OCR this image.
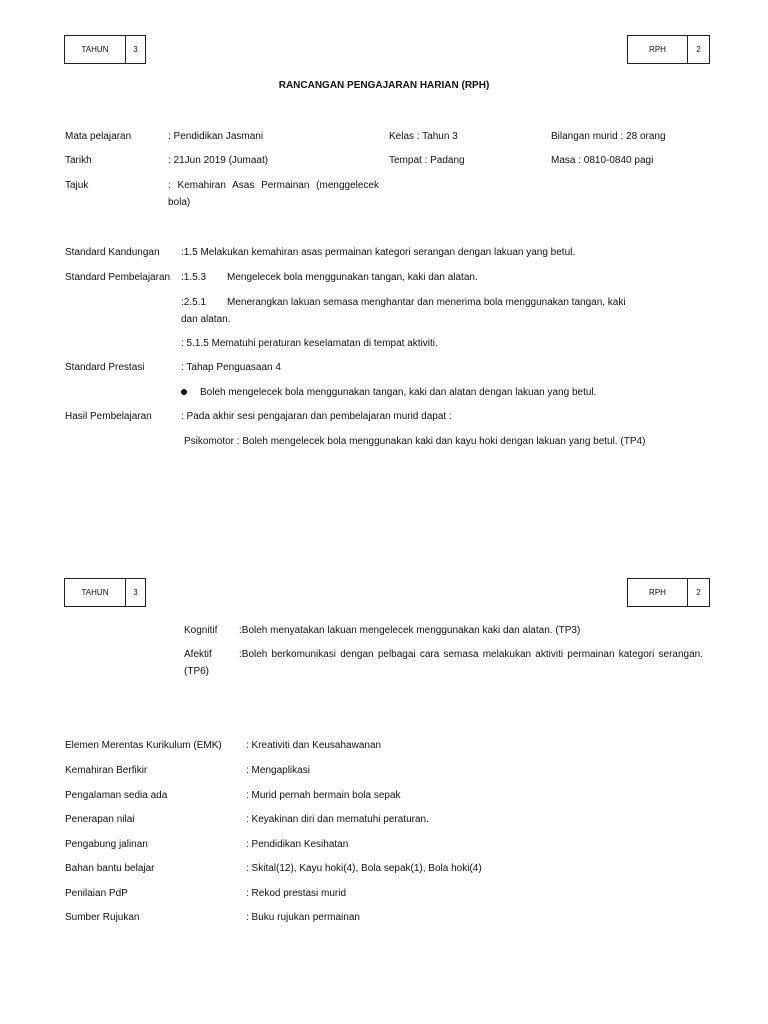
TAHUN	3	RPH	2
RANCANGAN PENGAJARAN HARIAN (RPH)
Mata pelajaran	: Pendidikan Jasmani	Kelas : Tahun 3	Bilangan murid : 28 orang
Tarikh	: 21Jun 2019 (Jumaat)	Tempat : Padang	Masa : 0810-0840 pagi
Tajuk	: Kemahiran Asas Permainan (menggelecek
bola)
Standard Kandungan :1.5 Melakukan kemahiran asas permainan kategori serangan dengan lakuan yang betul.
Standard Pembelajaran :1.5.3 Mengelecek bola menggunakan tangan, kaki dan alatan.
:2.5.1 Menerangkan lakuan semasa menghantar dan menerima bola menggunakan tangan, kaki
dan alatan.
: 5.1.5 Mematuhi peraturan keselamatan di tempat aktiviti.
Standard Prestasi	: Tahap Penguasaan 4
Boleh mengelecek bola menggunakan tangan, kaki dan alatan dengan lakuan yang betul.
Hasil Pembelajaran	: Pada akhir sesi pengajaran dan pembelajaran murid dapat :
Psikomotor : Boleh mengelecek bola menggunakan kaki dan kayu hoki dengan lakuan yang betul. (TP4)
TAHUN	3	RPH	2
Kognitif :Boleh menyatakan lakuan mengelecek menggunakan kaki dan alatan. (TP3)
Afektif	:Boleh berkomunikasi dengan pelbagai cara semasa melakukan aktiviti permainan kategori serangan.
(TP6)
Elemen Merentas Kurikulum (EMK) : Kreativiti dan Keusahawanan
Kemahiran Berfikir	: Mengaplikasi
Pengalaman sedia ada	: Murid pernah bermain bola sepak
Penerapan nilai	: Keyakinan diri dan mematuhi peraturan.
Pengabung jalinan	: Pendidikan Kesihatan
Bahan bantu belajar	: Skital(12), Kayu hoki(4), Bola sepak(1), Bola hoki(4)
Penilaian PdP	: Rekod prestasi murid
Sumber Rujukan	: Buku rujukan permainan
